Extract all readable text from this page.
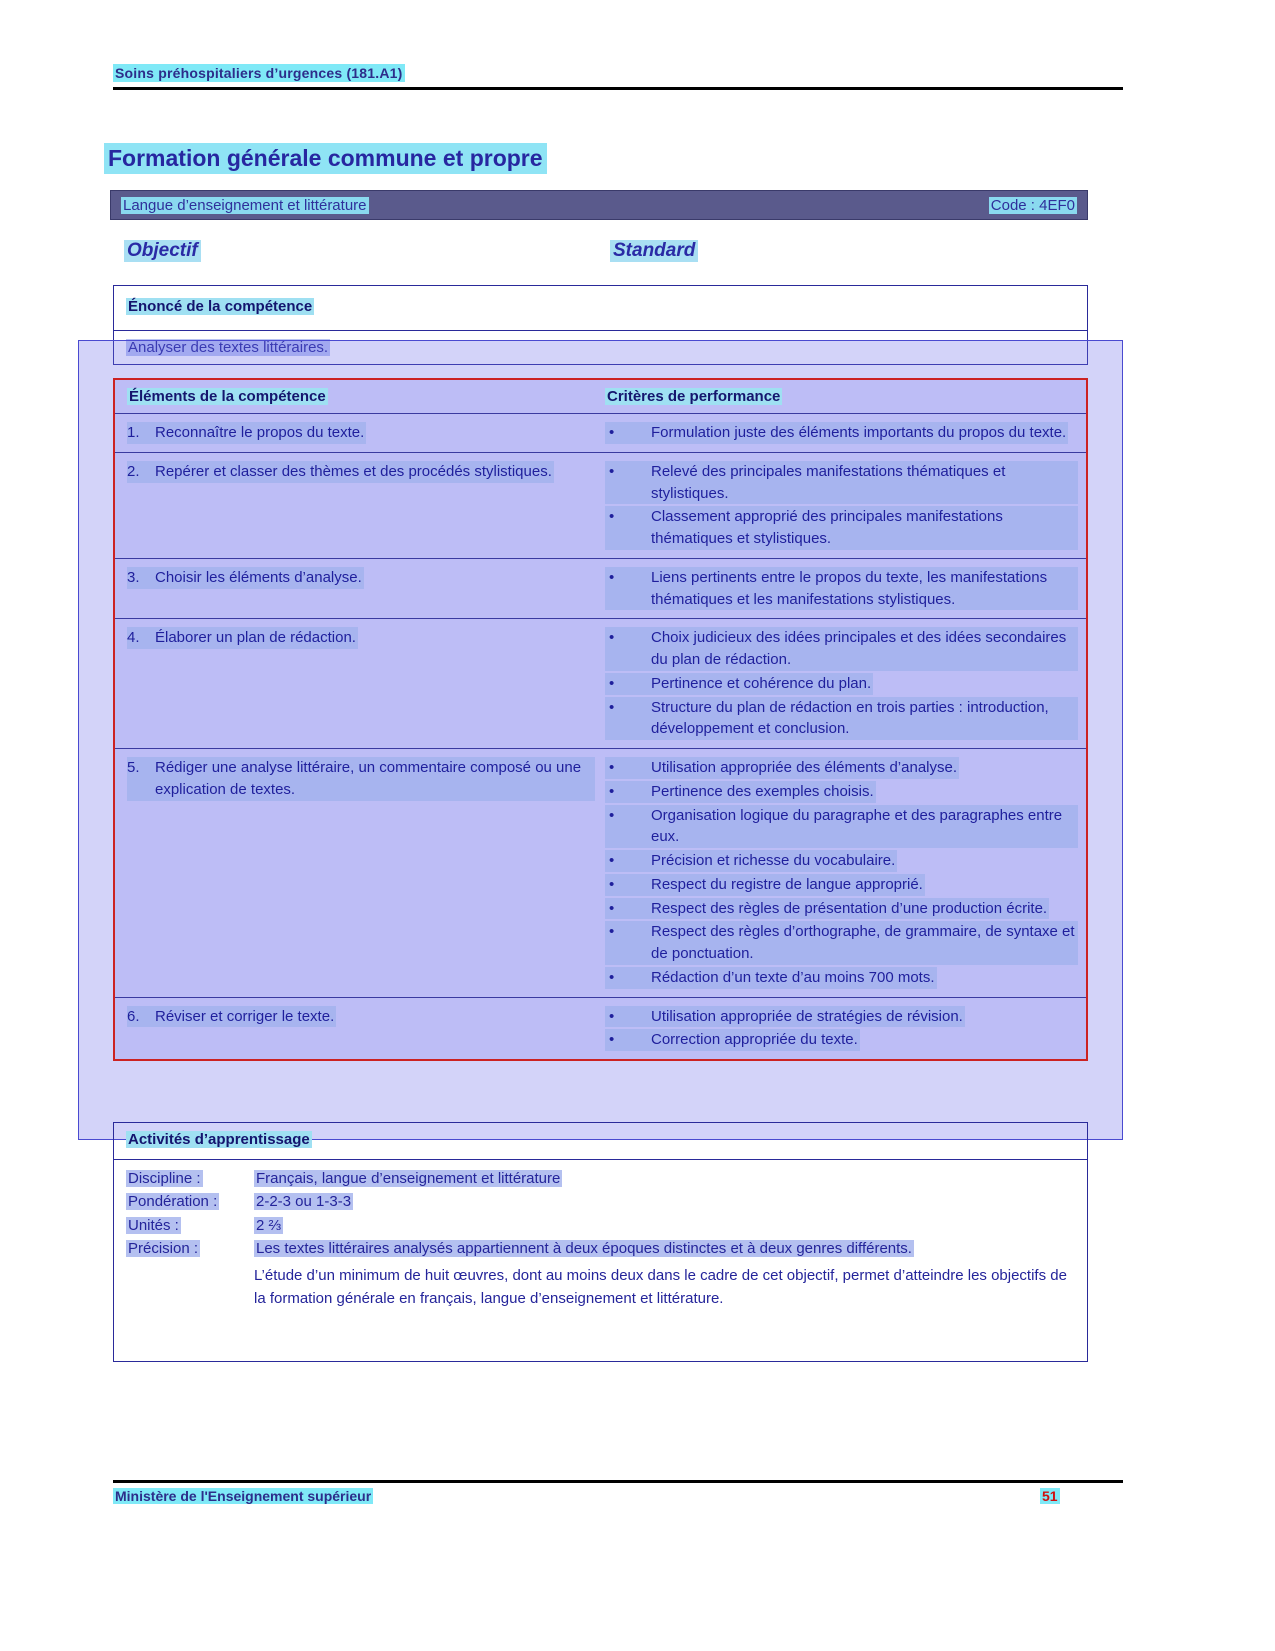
Soins préhospitaliers d’urgences (181.A1)
Formation générale commune et propre
Langue d’enseignement et littérature	Code : 4EF0
Objectif	Standard
Énoncé de la compétence
Analyser des textes littéraires.
Éléments de la compétence	Critères de performance
1.	Reconnaître le propos du texte.	•	Formulation juste des éléments importants du propos du texte.
2.	Repérer et classer des thèmes et des procédés stylistiques.	•	Relevé des principales manifestations thématiques et stylistiques.
•	Classement approprié des principales manifestations thématiques et stylistiques.
3.	Choisir les éléments d’analyse.	•	Liens pertinents entre le propos du texte, les manifestations thématiques et les manifestations stylistiques.
4.	Élaborer un plan de rédaction.	•	Choix judicieux des idées principales et des idées secondaires du plan de rédaction.
•	Pertinence et cohérence du plan.
•	Structure du plan de rédaction en trois parties : introduction, développement et conclusion.
5.	Rédiger une analyse littéraire, un commentaire composé ou une explication de textes.
•	Utilisation appropriée des éléments d’analyse.
•	Pertinence des exemples choisis.
•	Organisation logique du paragraphe et des paragraphes entre eux.
•	Précision et richesse du vocabulaire.
•	Respect du registre de langue approprié.
•	Respect des règles de présentation d’une production écrite.
•	Respect des règles d’orthographe, de grammaire, de syntaxe et de ponctuation.
•	Rédaction d’un texte d’au moins 700 mots.
6.	Réviser et corriger le texte.	•	Utilisation appropriée de stratégies de révision.
•	Correction appropriée du texte.
Activités d’apprentissage
Discipline :	Français, langue d’enseignement et littérature
Pondération :	2-2-3 ou 1-3-3
Unités :	2 ⅔
Précision :	Les textes littéraires analysés appartiennent à deux époques distinctes et à deux genres différents.
L’étude d’un minimum de huit œuvres, dont au moins deux dans le cadre de cet objectif, permet d’atteindre les objectifs de la formation générale en français, langue d’enseignement et littérature.
Ministère de l'Enseignement supérieur	51
